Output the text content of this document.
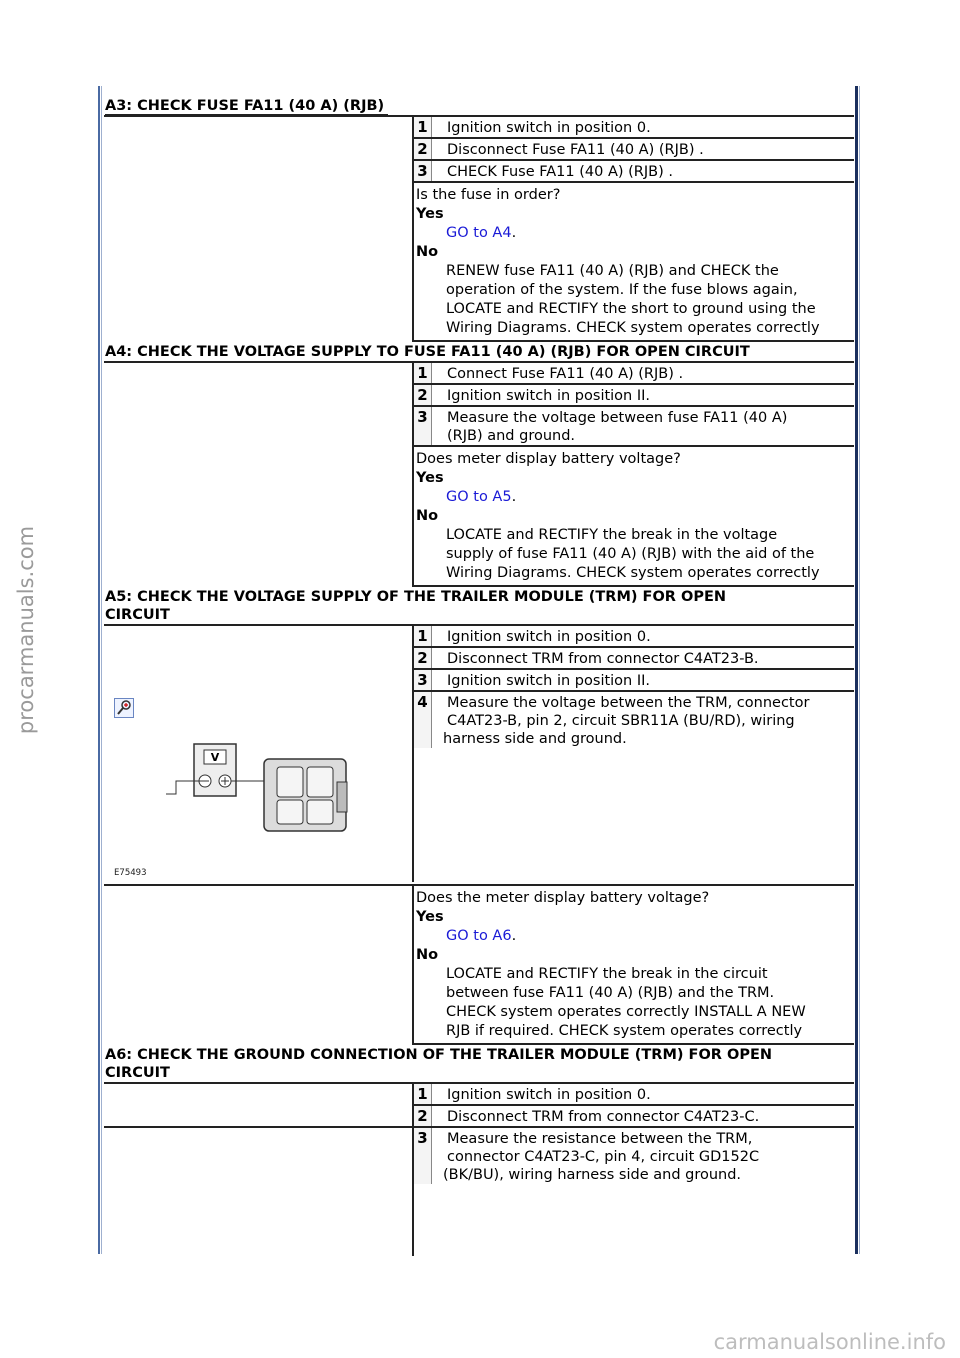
procarmanuals.com
carmanualsonline.info
A3: CHECK FUSE FA11 (40 A) (RJB)
1	Ignition switch in position 0.
2	Disconnect Fuse FA11 (40 A) (RJB) .
3	CHECK Fuse FA11 (40 A) (RJB) .
Is the fuse in order?
Yes
GO to A4.
No
RENEW fuse FA11 (40 A) (RJB) and CHECK the
operation of the system. If the fuse blows again,
LOCATE and RECTIFY the short to ground using the
Wiring Diagrams. CHECK system operates correctly
A4: CHECK THE VOLTAGE SUPPLY TO FUSE FA11 (40 A) (RJB) FOR OPEN CIRCUIT
1	Connect Fuse FA11 (40 A) (RJB) .
2	Ignition switch in position II.
3 Measure the voltage between fuse FA11 (40 A)
(RJB) and ground.
Does meter display battery voltage?
Yes
GO to A5.
No
LOCATE and RECTIFY the break in the voltage
supply of fuse FA11 (40 A) (RJB) with the aid of the
Wiring Diagrams. CHECK system operates correctly
A5: CHECK THE VOLTAGE SUPPLY OF THE TRAILER MODULE (TRM) FOR OPEN
CIRCUIT
1	Ignition switch in position 0.
2	Disconnect TRM from connector C4AT23-B.
3	Ignition switch in position II.
V
E75493
4 Measure the voltage between the TRM, connector
C4AT23-B, pin 2, circuit SBR11A (BU/RD), wiring
harness side and ground.
Does the meter display battery voltage?
Yes
GO to A6.
No
LOCATE and RECTIFY the break in the circuit
between fuse FA11 (40 A) (RJB) and the TRM.
CHECK system operates correctly INSTALL A NEW
RJB if required. CHECK system operates correctly
A6: CHECK THE GROUND CONNECTION OF THE TRAILER MODULE (TRM) FOR OPEN
CIRCUIT
1	Ignition switch in position 0.
2	Disconnect TRM from connector C4AT23-C.
3 Measure the resistance between the TRM,
connector C4AT23-C, pin 4, circuit GD152C
(BK/BU), wiring harness side and ground.
